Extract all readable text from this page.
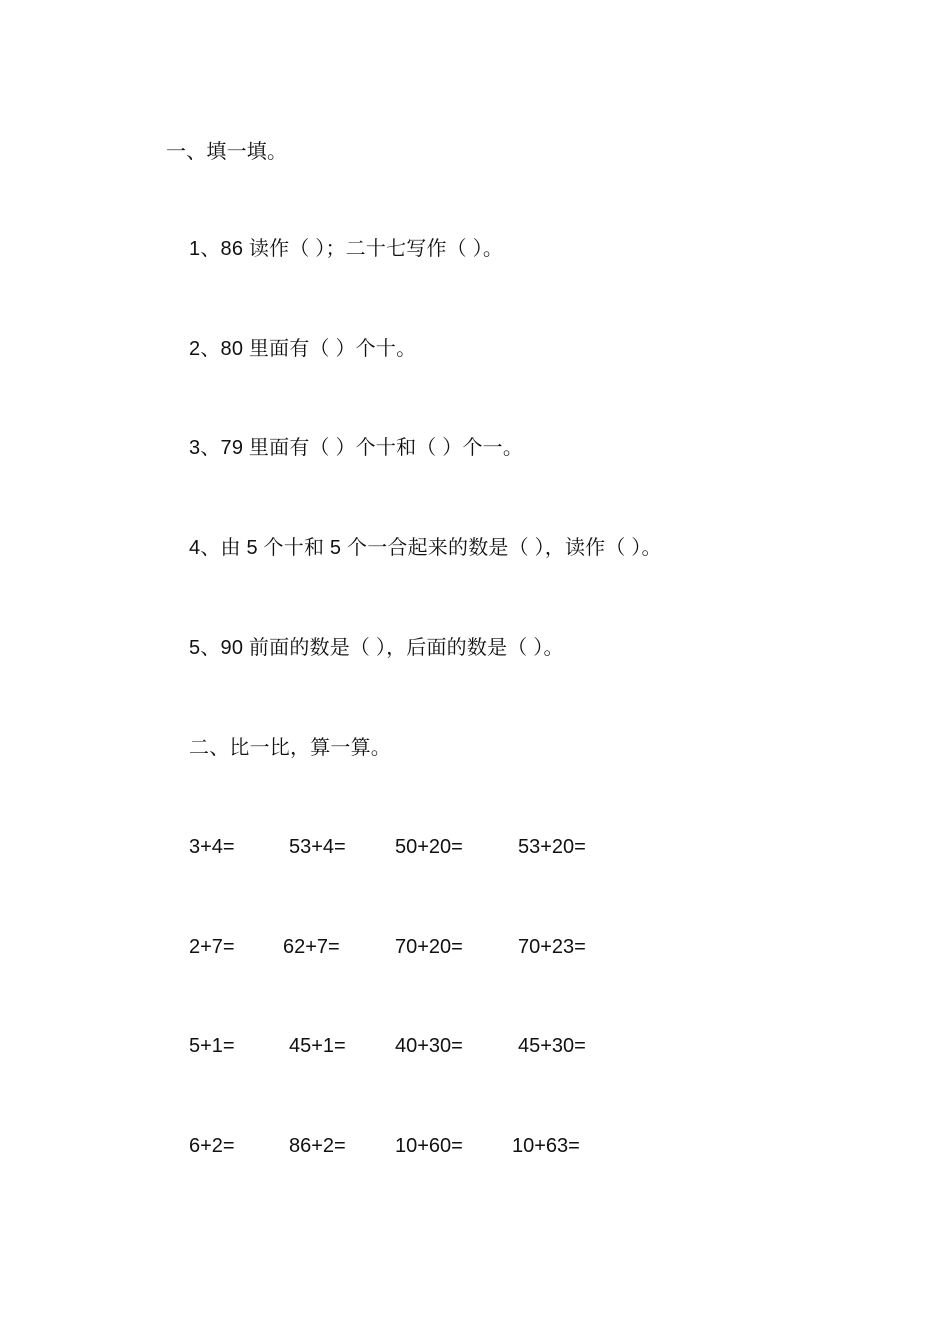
一、填一填。
1、86 读作（ ）；二十七写作（ ）。
2、80 里面有（ ）个十。
3、79 里面有（ ）个十和（ ）个一。
4、由 5 个十和 5 个一合起来的数是（ ），读作（ ）。
5、90 前面的数是（ ），后面的数是（ ）。
二、比一比，算一算。
3+4=	53+4= 50+20=	53+20=
2+7= 62+7=	70+20=	70+23=
5+1=	45+1= 40+30=	45+30=
6+2=	86+2= 10+60= 10+63=
